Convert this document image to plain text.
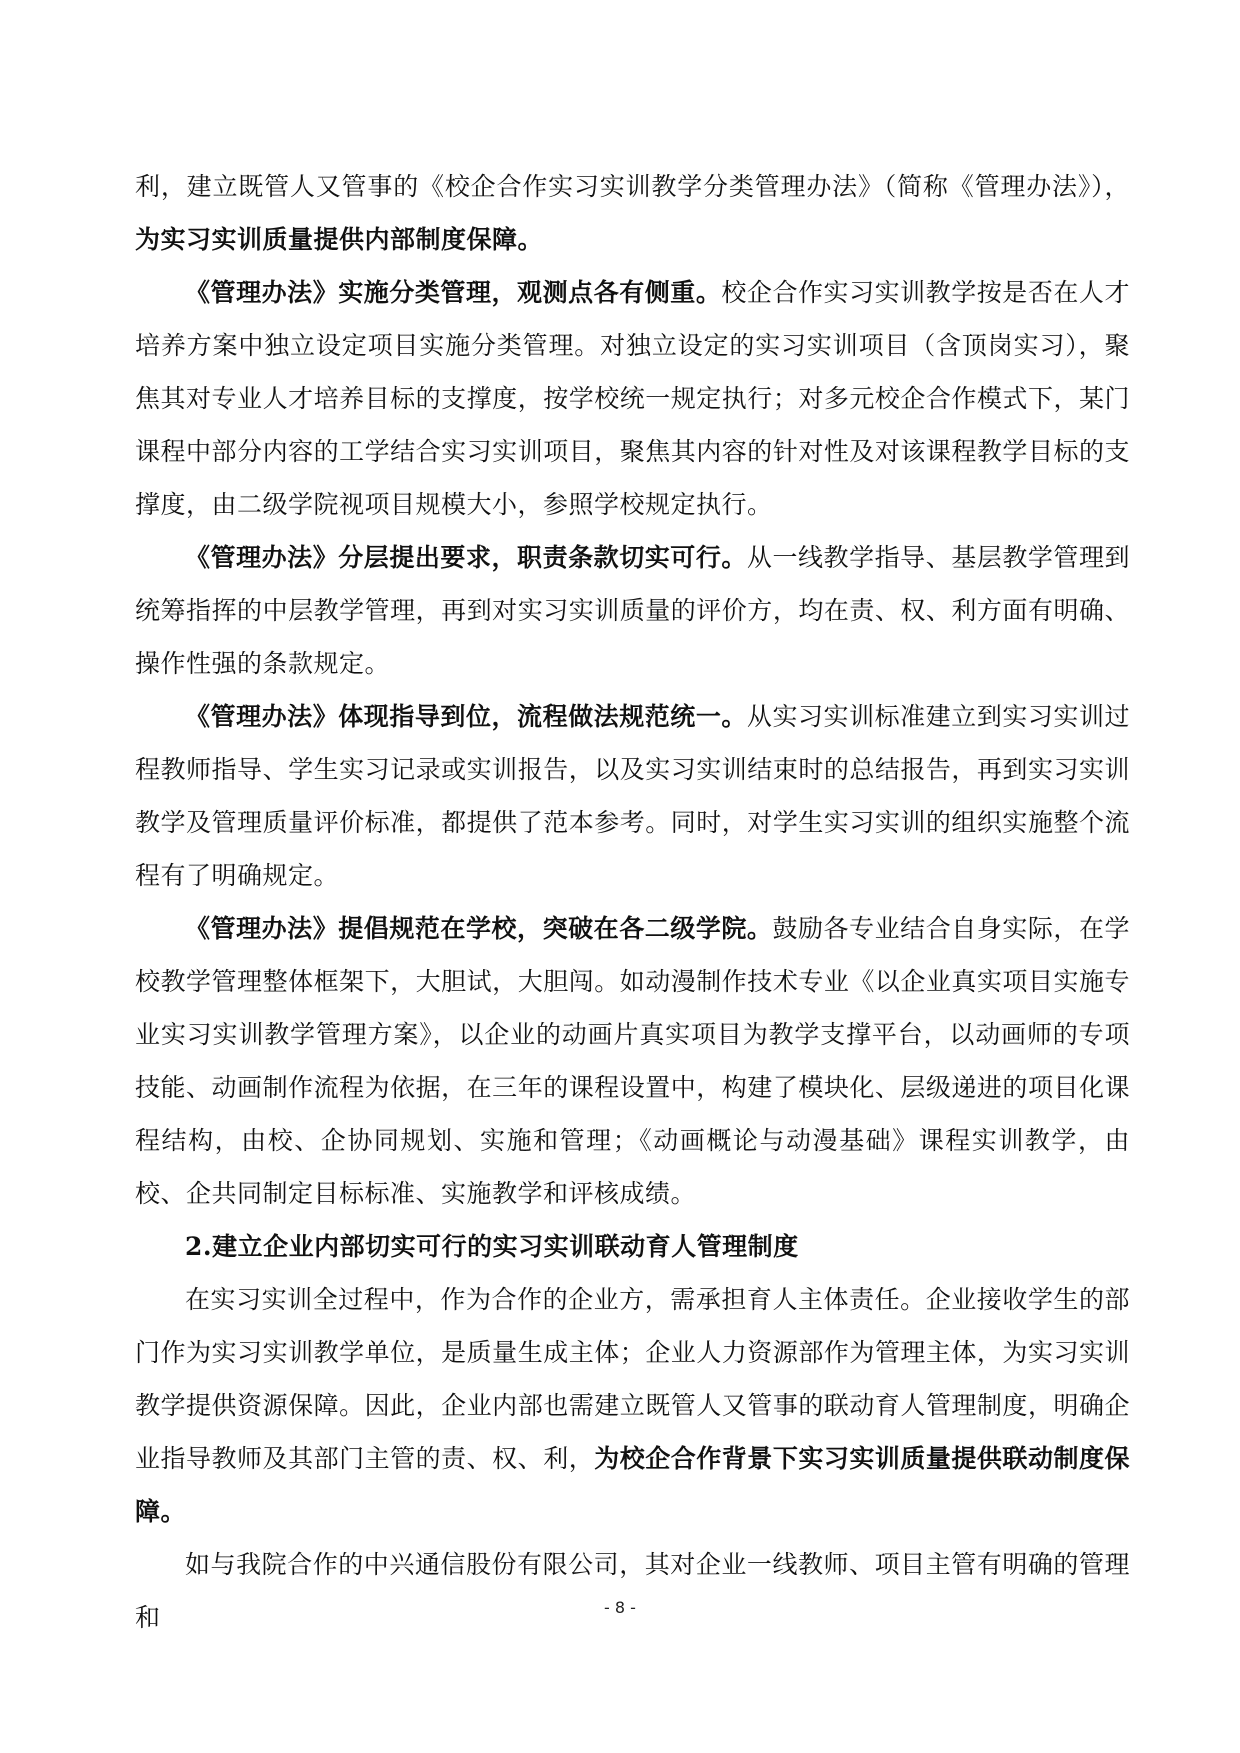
利，建立既管人又管事的《校企合作实习实训教学分类管理办法》（简称《管理办法》），为实习实训质量提供内部制度保障。

《管理办法》实施分类管理，观测点各有侧重。校企合作实习实训教学按是否在人才培养方案中独立设定项目实施分类管理。对独立设定的实习实训项目（含顶岗实习），聚焦其对专业人才培养目标的支撑度，按学校统一规定执行；对多元校企合作模式下，某门课程中部分内容的工学结合实习实训项目，聚焦其内容的针对性及对该课程教学目标的支撑度，由二级学院视项目规模大小，参照学校规定执行。

《管理办法》分层提出要求，职责条款切实可行。从一线教学指导、基层教学管理到统筹指挥的中层教学管理，再到对实习实训质量的评价方，均在责、权、利方面有明确、操作性强的条款规定。

《管理办法》体现指导到位，流程做法规范统一。从实习实训标准建立到实习实训过程教师指导、学生实习记录或实训报告，以及实习实训结束时的总结报告，再到实习实训教学及管理质量评价标准，都提供了范本参考。同时，对学生实习实训的组织实施整个流程有了明确规定。

《管理办法》提倡规范在学校，突破在各二级学院。鼓励各专业结合自身实际，在学校教学管理整体框架下，大胆试，大胆闯。如动漫制作技术专业《以企业真实项目实施专业实习实训教学管理方案》，以企业的动画片真实项目为教学支撑平台，以动画师的专项技能、动画制作流程为依据，在三年的课程设置中，构建了模块化、层级递进的项目化课程结构，由校、企协同规划、实施和管理；《动画概论与动漫基础》课程实训教学，由校、企共同制定目标标准、实施教学和评核成绩。

2.建立企业内部切实可行的实习实训联动育人管理制度

在实习实训全过程中，作为合作的企业方，需承担育人主体责任。企业接收学生的部门作为实习实训教学单位，是质量生成主体；企业人力资源部作为管理主体，为实习实训教学提供资源保障。因此，企业内部也需建立既管人又管事的联动育人管理制度，明确企业指导教师及其部门主管的责、权、利，为校企合作背景下实习实训质量提供联动制度保障。

如与我院合作的中兴通信股份有限公司，其对企业一线教师、项目主管有明确的管理和	- 8 -
